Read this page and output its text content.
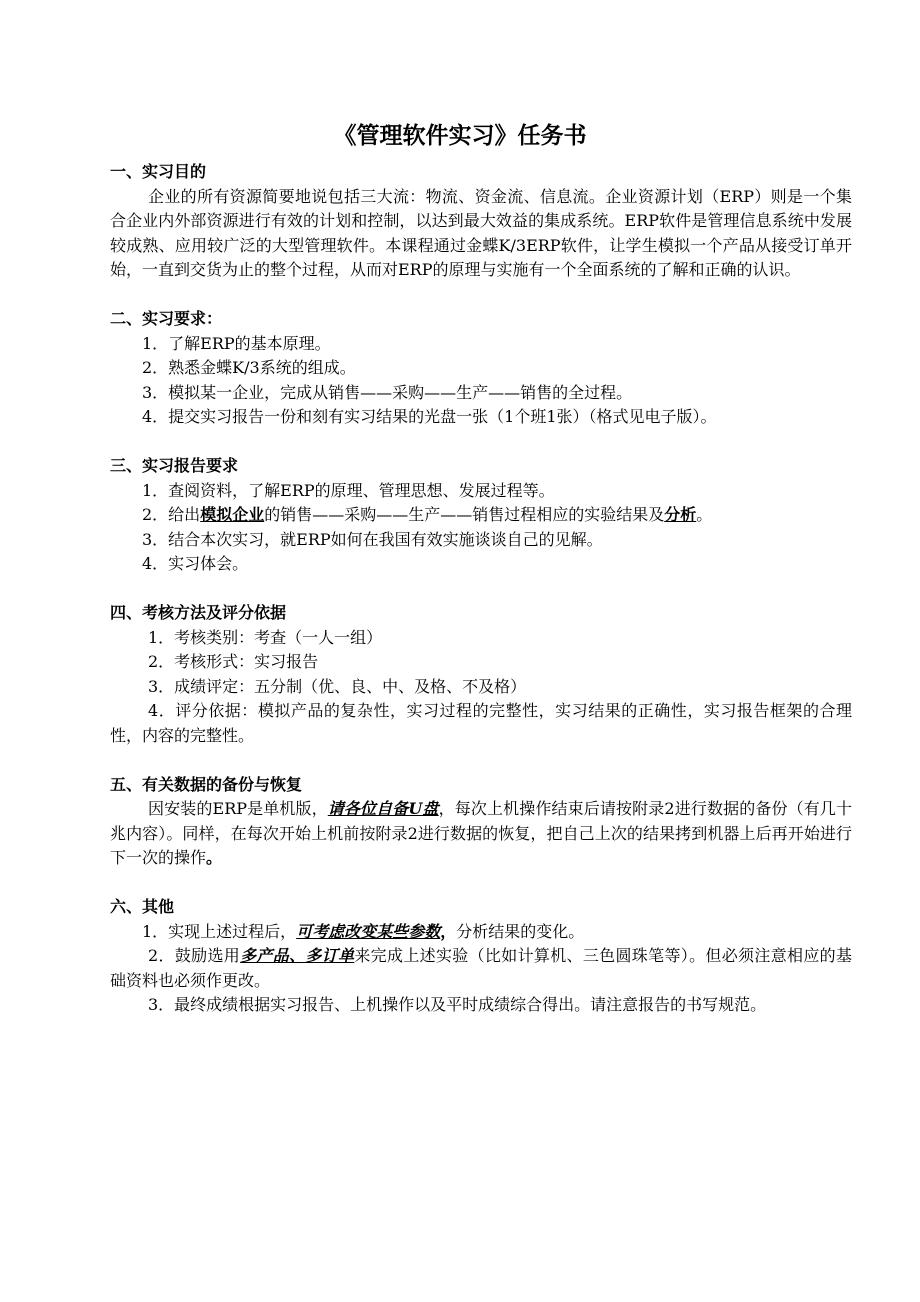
《管理软件实习》任务书

一、实习目的

企业的所有资源简要地说包括三大流：物流、资金流、信息流。企业资源计划（ERP）则是一个集合企业内外部资源进行有效的计划和控制，以达到最大效益的集成系统。ERP软件是管理信息系统中发展较成熟、应用较广泛的大型管理软件。本课程通过金蝶K/3ERP软件，让学生模拟一个产品从接受订单开始，一直到交货为止的整个过程，从而对ERP的原理与实施有一个全面系统的了解和正确的认识。

二、实习要求：

1．了解ERP的基本原理。

2．熟悉金蝶K/3系统的组成。

3．模拟某一企业，完成从销售——采购——生产——销售的全过程。

4．提交实习报告一份和刻有实习结果的光盘一张（1个班1张）（格式见电子版）。

三、实习报告要求

1．查阅资料，了解ERP的原理、管理思想、发展过程等。

2．给出模拟企业的销售——采购——生产——销售过程相应的实验结果及分析。

3．结合本次实习，就ERP如何在我国有效实施谈谈自己的见解。

4．实习体会。

四、考核方法及评分依据

1．考核类别：考查（一人一组）

2．考核形式：实习报告

3．成绩评定：五分制（优、良、中、及格、不及格）

4．评分依据：模拟产品的复杂性，实习过程的完整性，实习结果的正确性，实习报告框架的合理性，内容的完整性。

五、有关数据的备份与恢复

因安装的ERP是单机版，请各位自备U盘，每次上机操作结束后请按附录2进行数据的备份（有几十兆内容）。同样，在每次开始上机前按附录2进行数据的恢复，把自己上次的结果拷到机器上后再开始进行下一次的操作。

六、其他

1．实现上述过程后，可考虑改变某些参数，分析结果的变化。

2．鼓励选用多产品、多订单来完成上述实验（比如计算机、三色圆珠笔等）。但必须注意相应的基础资料也必须作更改。

3．最终成绩根据实习报告、上机操作以及平时成绩综合得出。请注意报告的书写规范。
